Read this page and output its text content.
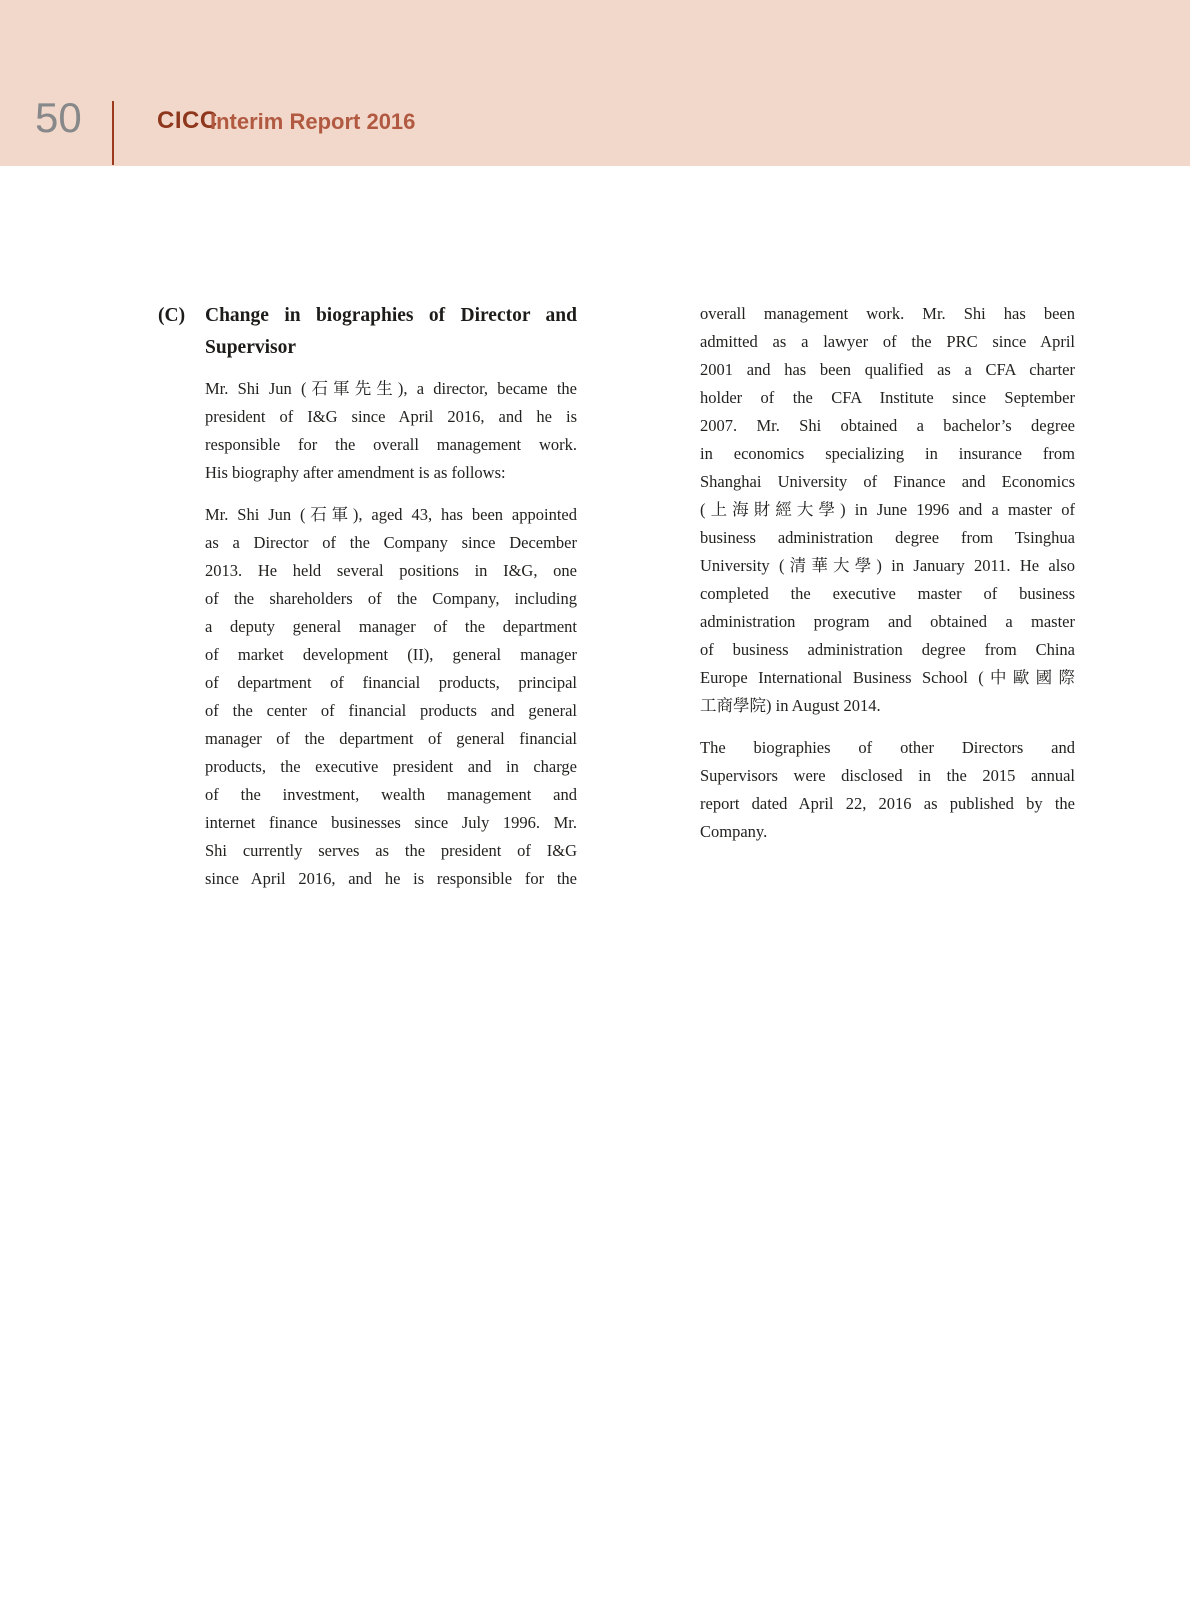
50	CICC
Interim Report 2016
(C)	Change in biographies of Director and
Supervisor
Mr. Shi Jun (石軍先生), a director, became the
president of I&G since April 2016, and he is
responsible for the overall management work.
His biography after amendment is as follows:
Mr. Shi Jun (石軍), aged 43, has been appointed
as a Director of the Company since December
2013. He held several positions in I&G, one
of the shareholders of the Company, including
a deputy general manager of the department
of market development (II), general manager
of department of financial products, principal
of the center of financial products and general
manager of the department of general financial
products, the executive president and in charge
of the investment, wealth management and
internet finance businesses since July 1996. Mr.
Shi currently serves as the president of I&G
since April 2016, and he is responsible for the
overall management work. Mr. Shi has been
admitted as a lawyer of the PRC since April
2001 and has been qualified as a CFA charter
holder of the CFA Institute since September
2007. Mr. Shi obtained a bachelor’s degree
in economics specializing in insurance from
Shanghai University of Finance and Economics
(上海財經大學) in June 1996 and a master of
business administration degree from Tsinghua
University (清華大學) in January 2011. He also
completed the executive master of business
administration program and obtained a master
of business administration degree from China
Europe International Business School (中歐國際
工商學院) in August 2014.
The biographies of other Directors and
Supervisors were disclosed in the 2015 annual
report dated April 22, 2016 as published by the
Company.
